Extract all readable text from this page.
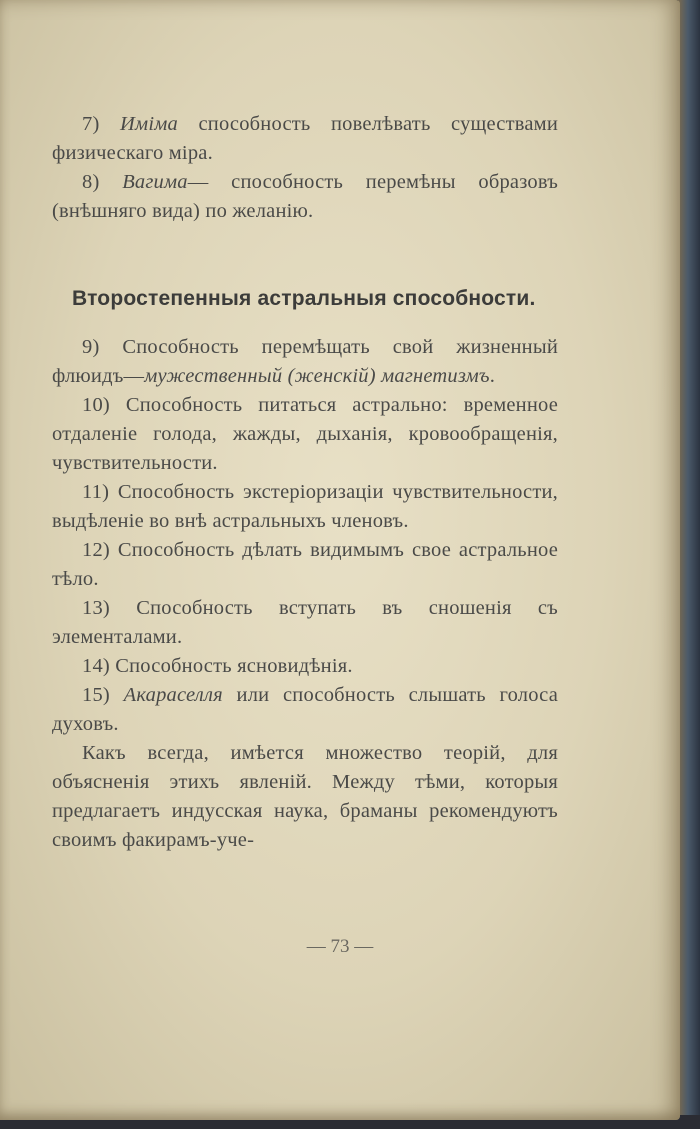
7) Иміма способность повелѣвать существами физическаго міра.

8) Вагима— способность перемѣны образовъ (внѣшняго вида) по желанію.

Второстепенныя астральныя способности.

9) Способность перемѣщать свой жизненный флюидъ—мужественный (женскій) магнетизмъ.

10) Способность питаться астрально: временное отдаленіе голода, жажды, дыханія, кровообращенія, чувствительности.

11) Способность экстеріоризаціи чувствительности, выдѣленіе во внѣ астральныхъ членовъ.

12) Способность дѣлать видимымъ свое астральное тѣло.

13) Способность вступать въ сношенія съ элементалами.

14) Способность ясновидѣнія.

15) Акараселля или способность слышать голоса духовъ.

Какъ всегда, имѣется множество теорій, для объясненія этихъ явленій. Между тѣми, которыя предлагаетъ индусская наука, браманы рекомендуютъ своимъ факирамъ-уче-

— 73 —
